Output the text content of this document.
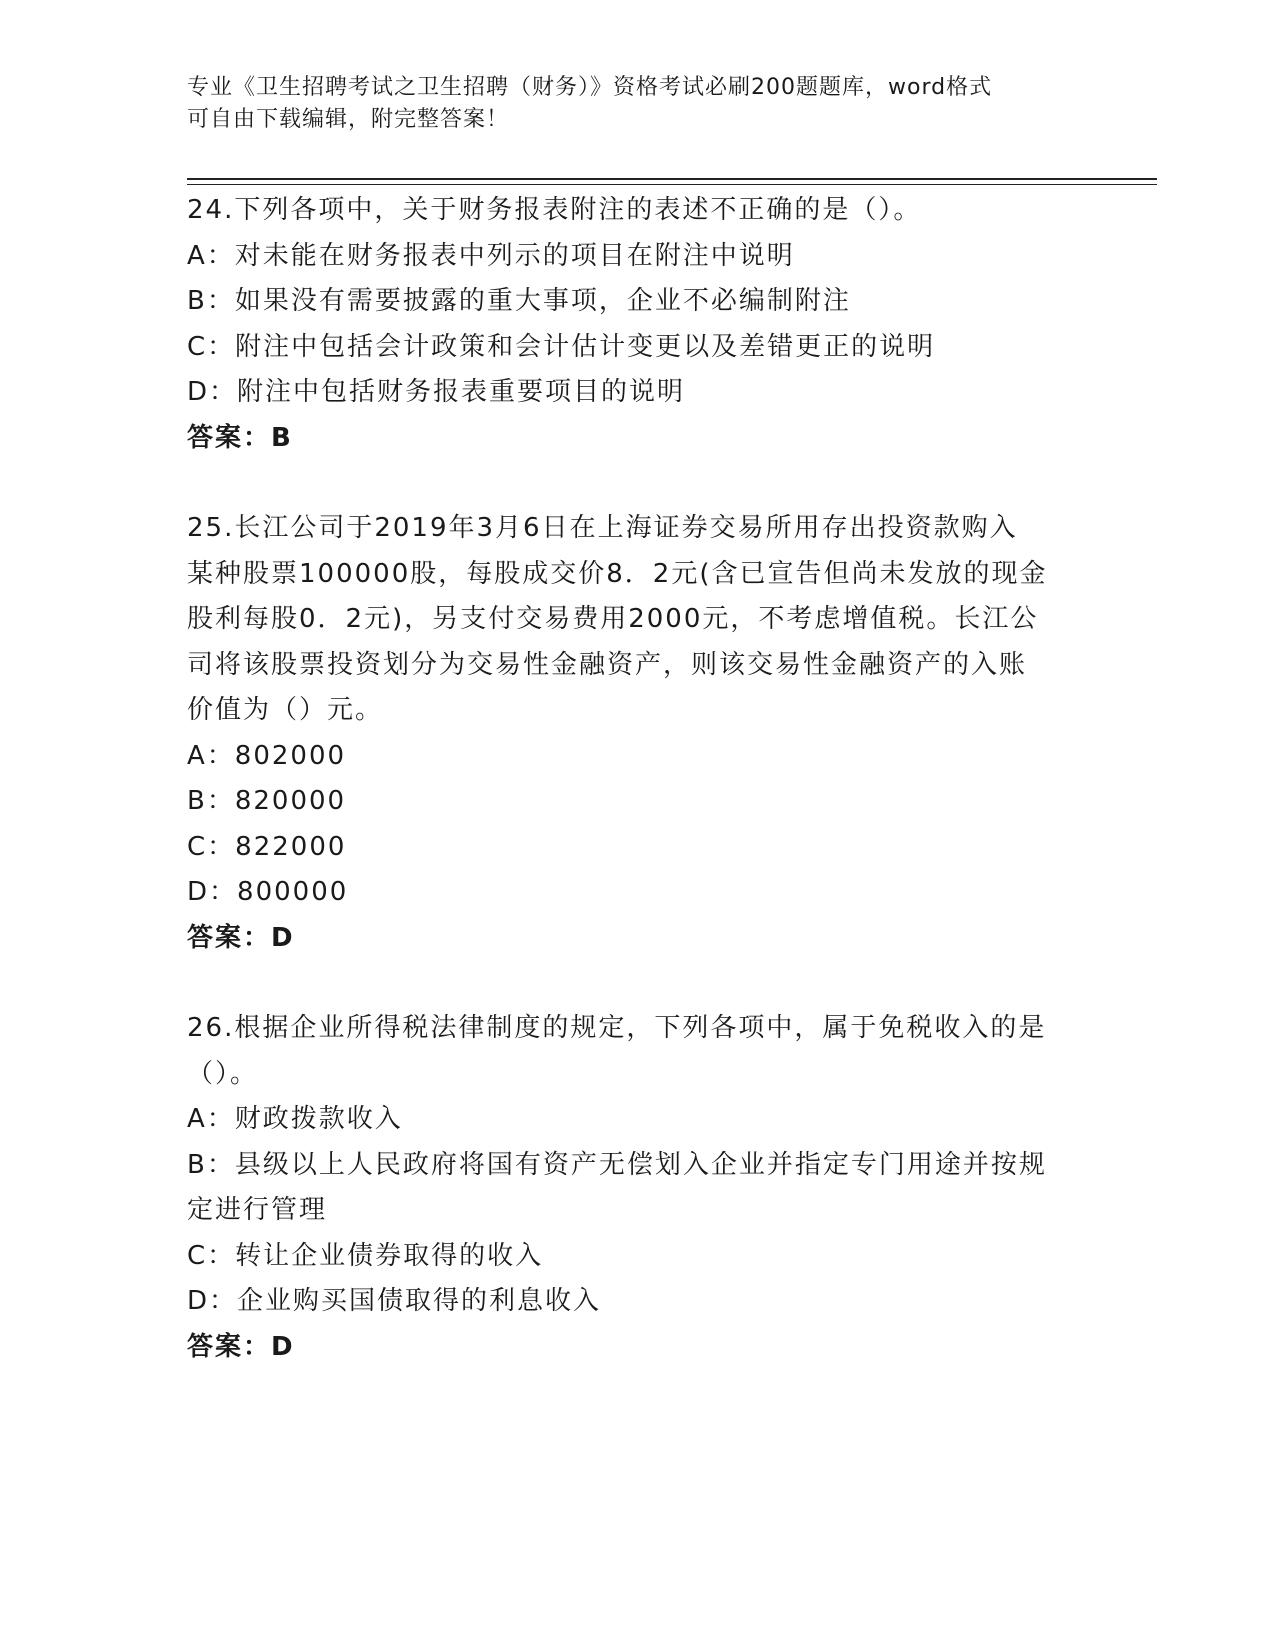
专业《卫生招聘考试之卫生招聘（财务）》资格考试必刷200题题库，word格式
可自由下载编辑，附完整答案！

24.下列各项中，关于财务报表附注的表述不正确的是（）。

A：对未能在财务报表中列示的项目在附注中说明

B：如果没有需要披露的重大事项，企业不必编制附注

C：附注中包括会计政策和会计估计变更以及差错更正的说明

D：附注中包括财务报表重要项目的说明

答案：B

25.长江公司于2019年3月6日在上海证券交易所用存出投资款购入

某种股票100000股，每股成交价8．2元(含已宣告但尚未发放的现金

股利每股0．2元)，另支付交易费用2000元，不考虑增值税。长江公

司将该股票投资划分为交易性金融资产，则该交易性金融资产的入账

价值为（）元。

A：802000

B：820000

C：822000

D：800000

答案：D

26.根据企业所得税法律制度的规定，下列各项中，属于免税收入的是

（）。

A：财政拨款收入

B：县级以上人民政府将国有资产无偿划入企业并指定专门用途并按规

定进行管理

C：转让企业债券取得的收入

D：企业购买国债取得的利息收入

答案：D
